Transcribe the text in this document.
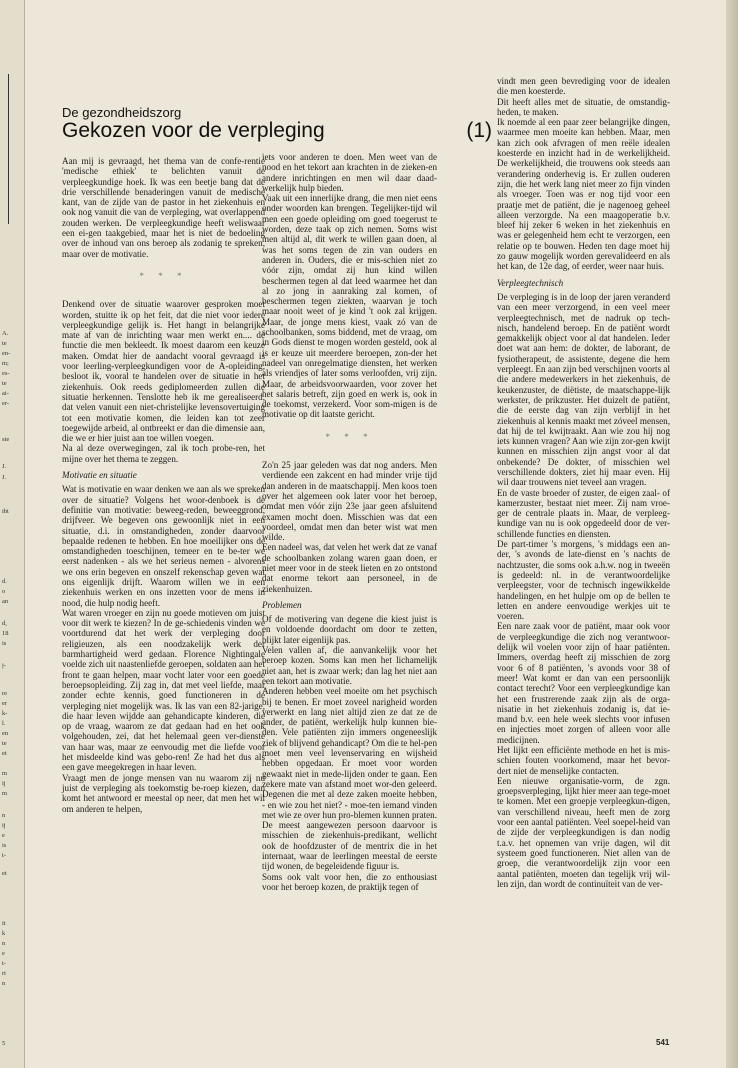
A.
te
en-
m;
es-
te
ai-
er-
ste
J.
J.
ibt
d.
o
an
d,
18
is
j-
re
er
k-
l.
en
te
et
m
ij
m
n
ij
e
is
t-
et
it
k
n
e
t-
rt
n
5
De gezondheidszorg
Gekozen voor de verpleging	(1)

Aan mij is gevraagd, het thema van de confe-rentie 'medische ethiek' te belichten vanuit de verpleegkundige hoek. Ik was een beetje bang dat de drie verschillende benaderingen vanuit de medische kant, van de zijde van de pastor in het ziekenhuis en ook nog vanuit die van de verpleging, wat overlappend zouden werken. De verpleegkundige heeft weliswaar een ei-gen taakgebied, maar het is niet de bedoeling over de inhoud van ons beroep als zodanig te spreken, maar over de motivatie.

* * *

Denkend over de situatie waarover gesproken moet worden, stuitte ik op het feit, dat die niet voor iedere verpleegkundige gelijk is. Het hangt in belangrijke mate af van de inrichting waar men werkt en.... de functie die men bekleedt. Ik moest daarom een keuze maken. Omdat hier de aandacht vooral gevraagd is voor leerling-verpleegkundigen voor de A-opleiding, besloot ik, vooral te handelen over de situatie in het ziekenhuis. Ook reeds gediplomeerden zullen die situatie herkennen. Tenslotte heb ik me gerealiseerd, dat velen vanuit een niet-christelijke levensovertuiging tot een motivatie komen, die leiden kan tot zeer toegewijde arbeid, al ontbreekt er dan die dimensie aan, die we er hier juist aan toe willen voegen.

Na al deze overwegingen, zal ik toch probe-ren, het mijne over het thema te zeggen.

Motivatie en situatie

Wat is motivatie en waar denken we aan als we spreken over de situatie? Volgens het woor-denboek is de definitie van motivatie: beweeg-reden, beweeggrond, drijfveer. We begeven ons gewoonlijk niet in een situatie, d.i. in omstandigheden, zonder daarvoor bepaalde redenen te hebben. En hoe moeilijker ons de omstandigheden toeschijnen, temeer en te be-ter we eerst nadenken - als we het serieus nemen - alvorens we ons erin begeven en onszelf rekenschap geven wat ons eigenlijk drijft. Waarom willen we in een ziekenhuis werken en ons inzetten voor de mens in nood, die hulp nodig heeft.

Wat waren vroeger en zijn nu goede motieven om juist voor dit werk te kiezen? In de ge-schiedenis vinden we voortdurend dat het werk der verpleging door religieuzen, als een noodzakelijk werk der barmhartigheid werd gedaan. Florence Nightingale voelde zich uit naastenliefde geroepen, soldaten aan het front te gaan helpen, maar vocht later voor een goede beroepsopleiding. Zij zag in, dat met veel liefde, maar zonder echte kennis, goed functioneren in de verpleging niet mogelijk was. Ik las van een 82-jarige, die haar leven wijdde aan gehandicapte kinderen, die op de vraag, waarom ze dat gedaan had en het ook volgehouden, zei, dat het helemaal geen ver-dienste van haar was, maar ze eenvoudig met die liefde voor het misdeelde kind was gebo-ren! Ze had het dus als een gave meegekregen in haar leven.

Vraagt men de jonge mensen van nu waarom zij nu juist de verpleging als toekomstig be-roep kiezen, dan komt het antwoord er meestal op neer, dat men het wil om anderen te helpen,

iets voor anderen te doen. Men weet van de nood en het tekort aan krachten in de zieken-en andere inrichtingen en men wil daar daad-werkelijk hulp bieden.

Vaak uit een innerlijke drang, die men niet eens onder woorden kan brengen. Tegelijker-tijd wil men een goede opleiding om goed toegerust te worden, deze taak op zich nemen. Soms wist men altijd al, dit werk te willen gaan doen, al was het soms tegen de zin van ouders en anderen in. Ouders, die er mis-schien niet zo vóór zijn, omdat zij hun kind willen beschermen tegen al dat leed waarmee het dan al zo jong in aanraking zal komen, of beschermen tegen ziekten, waarvan je toch maar nooit weet of je kind 't ook zal krijgen. Maar, de jonge mens kiest, vaak zó van de schoolbanken, soms biddend, met de vraag, om in Gods dienst te mogen worden gesteld, ook al is er keuze uit meerdere beroepen, zon-der het nadeel van onregelmatige diensten, het werken als vriendjes of later soms verloofden, vrij zijn. Maar, de arbeidsvoorwaarden, voor zover het het salaris betreft, zijn goed en werk is, ook in de toekomst, verzekerd. Voor som-migen is de motivatie op dit laatste gericht.

* * *

Zo'n 25 jaar geleden was dat nog anders. Men verdiende een zakcent en had minder vrije tijd dan anderen in de maatschappij. Men koos toen over het algemeen ook later voor het beroep, omdat men vóór zijn 23e jaar geen afsluitend examen mocht doen. Misschien was dat een voordeel, omdat men dan beter wist wat men wilde.

Een nadeel was, dat velen het werk dat ze vanaf de schoolbanken zolang waren gaan doen, er niet meer voor in de steek lieten en zo ontstond dat enorme tekort aan personeel, in de ziekenhuizen.

Problemen

Of de motivering van degene die kiest juist is en voldoende doordacht om door te zetten, blijkt later eigenlijk pas.

Velen vallen af, die aanvankelijk voor het beroep kozen. Soms kan men het lichamelijk niet aan, het is zwaar werk; dan lag het niet aan een tekort aan motivatie.

Anderen hebben veel moeite om het psychisch bij te benen. Er moet zoveel narigheid worden verwerkt en lang niet altijd zien ze dat ze de ander, de patiënt, werkelijk hulp kunnen bie-den. Vele patiënten zijn immers ongeneeslijk ziek of blijvend gehandicapt? Om die te hel-pen moet men veel levenservaring en wijsheid hebben opgedaan. Er moet voor worden gewaakt niet in mede-lijden onder te gaan. Een zekere mate van afstand moet wor-den geleerd. Degenen die met al deze zaken moeite hebben, - en wie zou het niet? - moe-ten iemand vinden met wie ze over hun pro-blemen kunnen praten. De meest aangewezen persoon daarvoor is misschien de ziekenhuis-predikant, wellicht ook de hoofdzuster of de mentrix die in het internaat, waar de leerlingen meestal de eerste tijd wonen, de begeleidende figuur is.

Soms ook valt voor hen, die zo enthousiast voor het beroep kozen, de praktijk tegen of

vindt men geen bevrediging voor de idealen die men koesterde.

Dit heeft alles met de situatie, de omstandig-heden, te maken.

Ik noemde al een paar zeer belangrijke dingen, waarmee men moeite kan hebben. Maar, men kan zich ook afvragen of men reële idealen koesterde en inzicht had in de werkelijkheid. De werkelijkheid, die trouwens ook steeds aan verandering onderhevig is. Er zullen ouderen zijn, die het werk lang niet meer zo fijn vinden als vroeger. Toen was er nog tijd voor een praatje met de patiënt, die je nagenoeg geheel alleen verzorgde. Na een maagoperatie b.v. bleef hij zeker 6 weken in het ziekenhuis en was er gelegenheid hem echt te verzorgen, een relatie op te bouwen. Heden ten dage moet hij zo gauw mogelijk worden gerevalideerd en als het kan, de 12e dag, of eerder, weer naar huis.

Verpleegtechnisch

De verpleging is in de loop der jaren veranderd van een meer verzorgend, in een veel meer verpleegtechnisch, met de nadruk op tech-nisch, handelend beroep. En de patiënt wordt gemakkelijk object voor al dat handelen. Ieder doet wat aan hem: de dokter, de laborant, de fysiotherapeut, de assistente, degene die hem verpleegt. En aan zijn bed verschijnen voorts al die andere medewerkers in het ziekenhuis, de keukenzuster, de diëtiste, de maatschappe-lijk werkster, de prikzuster. Het duizelt de patiënt, die de eerste dag van zijn verblijf in het ziekenhuis al kennis maakt met zóveel mensen, dat hij de tel kwijtraakt. Aan wie zou hij nog iets kunnen vragen? Aan wie zijn zor-gen kwijt kunnen en misschien zijn angst voor al dat onbekende? De dokter, of misschien wel verschillende dokters, ziet hij maar even. Hij wil daar trouwens niet teveel aan vragen.

En de vaste broeder of zuster, de eigen zaal- of kamerzuster, bestaat niet meer. Zij nam vroe-ger de centrale plaats in. Maar, de verpleeg-kundige van nu is ook opgedeeld door de ver-schillende functies en diensten.

De part-timer 's morgens, 's middags een an-der, 's avonds de late-dienst en 's nachts de nachtzuster, die soms ook a.h.w. nog in tweeën is gedeeld: nl. in de verantwoordelijke verpleegster, voor de technisch ingewikkelde handelingen, en het hulpje om op de bellen te letten en andere eenvoudige werkjes uit te voeren.

Een nare zaak voor de patiënt, maar ook voor de verpleegkundige die zich nog verantwoor-delijk wil voelen voor zijn of haar patiënten. Immers, overdag heeft zij misschien de zorg voor 6 of 8 patiënten, 's avonds voor 38 of meer! Wat komt er dan van een persoonlijk contact terecht? Voor een verpleegkundige kan het een frustrerende zaak zijn als de orga-nisatie in het ziekenhuis zodanig is, dat ie-mand b.v. een hele week slechts voor infusen en injecties moet zorgen of alleen voor alle medicijnen.

Het lijkt een efficiënte methode en het is mis-schien fouten voorkomend, maar het bevor-dert niet de menselijke contacten.

Een nieuwe organisatie-vorm, de zgn. groepsverpleging, lijkt hier meer aan tege-moet te komen. Met een groepje verpleegkun-digen, van verschillend niveau, heeft men de zorg voor een aantal patiënten. Veel soepel-heid van de zijde der verpleegkundigen is dan nodig t.a.v. het opnemen van vrije dagen, wil dit systeem goed functioneren. Niet allen van de groep, die verantwoordelijk zijn voor een aantal patiënten, moeten dan tegelijk vrij wil-len zijn, dan wordt de continuïteit van de ver-

541
